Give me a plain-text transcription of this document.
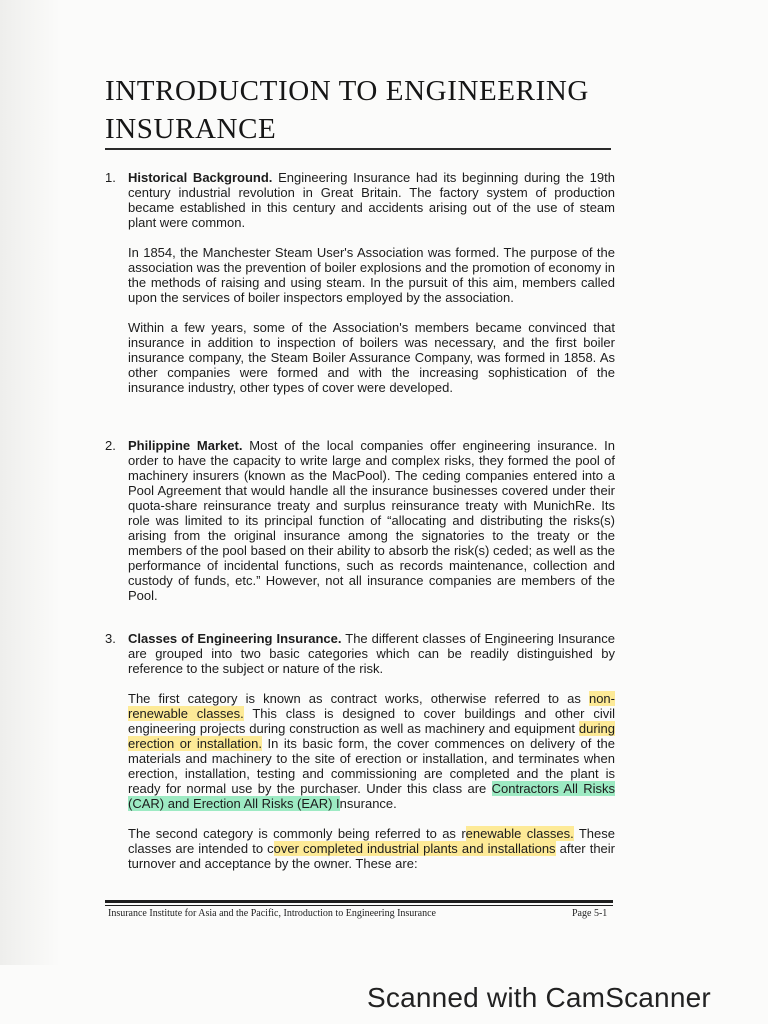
INTRODUCTION TO ENGINEERING
INSURANCE
1. Historical Background. Engineering Insurance had its beginning during the 19th century industrial revolution in Great Britain. The factory system of production became established in this century and accidents arising out of the use of steam plant were common.

In 1854, the Manchester Steam User's Association was formed. The purpose of the association was the prevention of boiler explosions and the promotion of economy in the methods of raising and using steam. In the pursuit of this aim, members called upon the services of boiler inspectors employed by the association.

Within a few years, some of the Association's members became convinced that insurance in addition to inspection of boilers was necessary, and the first boiler insurance company, the Steam Boiler Assurance Company, was formed in 1858. As other companies were formed and with the increasing sophistication of the insurance industry, other types of cover were developed.

2. Philippine Market. Most of the local companies offer engineering insurance. In order to have the capacity to write large and complex risks, they formed the pool of machinery insurers (known as the MacPool). The ceding companies entered into a Pool Agreement that would handle all the insurance businesses covered under their quota-share reinsurance treaty and surplus reinsurance treaty with MunichRe. Its role was limited to its principal function of “allocating and distributing the risks(s) arising from the original insurance among the signatories to the treaty or the members of the pool based on their ability to absorb the risk(s) ceded; as well as the performance of incidental functions, such as records maintenance, collection and custody of funds, etc.” However, not all insurance companies are members of the Pool.

3. Classes of Engineering Insurance. The different classes of Engineering Insurance are grouped into two basic categories which can be readily distinguished by reference to the subject or nature of the risk.

The first category is known as contract works, otherwise referred to as non-renewable classes. This class is designed to cover buildings and other civil engineering projects during construction as well as machinery and equipment during erection or installation. In its basic form, the cover commences on delivery of the materials and machinery to the site of erection or installation, and terminates when erection, installation, testing and commissioning are completed and the plant is ready for normal use by the purchaser. Under this class are Contractors All Risks (CAR) and Erection All Risks (EAR) Insurance.

The second category is commonly being referred to as renewable classes. These classes are intended to cover completed industrial plants and installations after their turnover and acceptance by the owner. These are:

Insurance Institute for Asia and the Pacific, Introduction to Engineering Insurance	Page 5-1
Scanned with CamScanner
